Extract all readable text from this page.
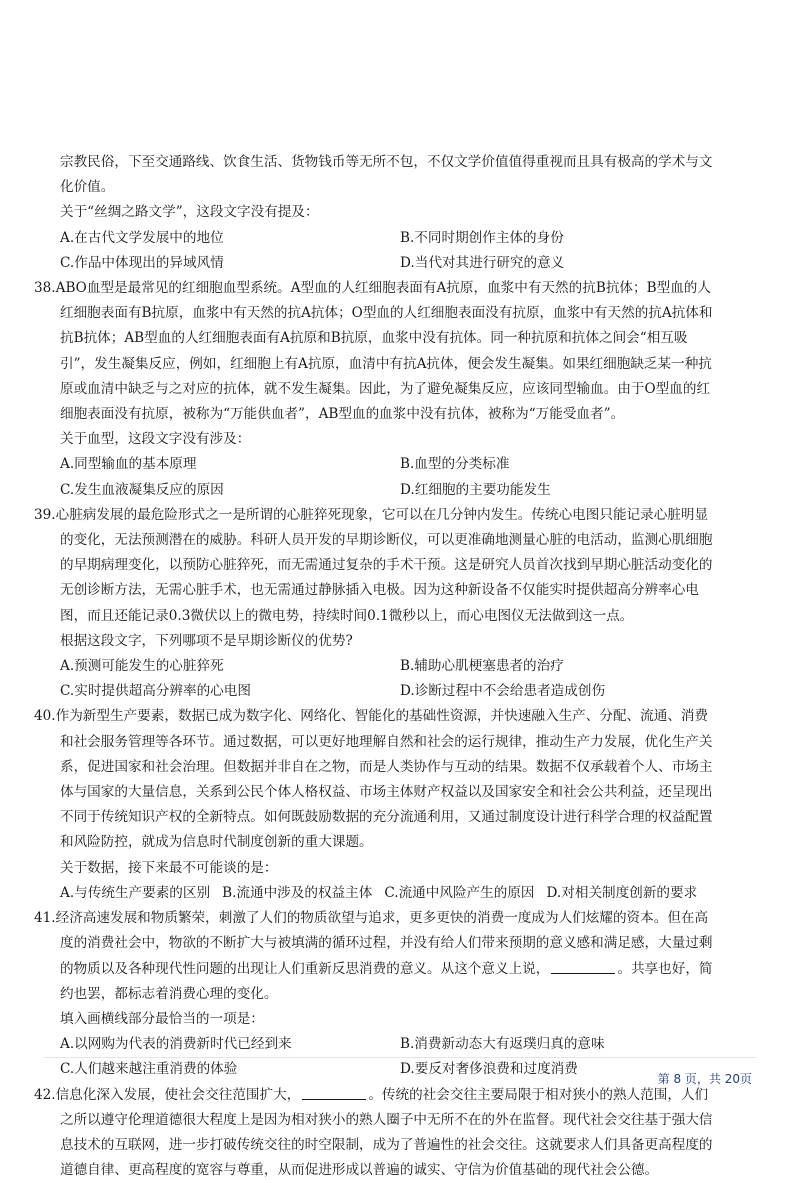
宗教民俗，下至交通路线、饮食生活、货物钱币等无所不包，不仅文学价值值得重视而且具有极高的学术与文

化价值。

关于“丝绸之路文学”，这段文字没有提及：

A.在古代文学发展中的地位	B.不同时期创作主体的身份
C.作品中体现出的异域风情	D.当代对其进行研究的意义

38.ABO血型是最常见的红细胞血型系统。A型血的人红细胞表面有A抗原，血浆中有天然的抗B抗体；B型血的人

红细胞表面有B抗原，血浆中有天然的抗A抗体；O型血的人红细胞表面没有抗原，血浆中有天然的抗A抗体和

抗B抗体；AB型血的人红细胞表面有A抗原和B抗原，血浆中没有抗体。同一种抗原和抗体之间会“相互吸

引”，发生凝集反应，例如，红细胞上有A抗原，血清中有抗A抗体，便会发生凝集。如果红细胞缺乏某一种抗

原或血清中缺乏与之对应的抗体，就不发生凝集。因此，为了避免凝集反应，应该同型输血。由于O型血的红

细胞表面没有抗原，被称为“万能供血者”，AB型血的血浆中没有抗体，被称为“万能受血者”。

关于血型，这段文字没有涉及：

A.同型输血的基本原理	B.血型的分类标准
C.发生血液凝集反应的原因	D.红细胞的主要功能发生

39.心脏病发展的最危险形式之一是所谓的心脏猝死现象，它可以在几分钟内发生。传统心电图只能记录心脏明显

的变化，无法预测潜在的威胁。科研人员开发的早期诊断仪，可以更准确地测量心脏的电活动，监测心肌细胞

的早期病理变化，以预防心脏猝死，而无需通过复杂的手术干预。这是研究人员首次找到早期心脏活动变化的

无创诊断方法，无需心脏手术，也无需通过静脉插入电极。因为这种新设备不仅能实时提供超高分辨率心电

图，而且还能记录0.3微伏以上的微电势，持续时间0.1微秒以上，而心电图仪无法做到这一点。

根据这段文字，下列哪项不是早期诊断仪的优势?

A.预测可能发生的心脏猝死	B.辅助心肌梗塞患者的治疗
C.实时提供超高分辨率的心电图	D.诊断过程中不会给患者造成创伤

40.作为新型生产要素，数据已成为数字化、网络化、智能化的基础性资源，并快速融入生产、分配、流通、消费

和社会服务管理等各环节。通过数据，可以更好地理解自然和社会的运行规律，推动生产力发展，优化生产关

系，促进国家和社会治理。但数据并非自在之物，而是人类协作与互动的结果。数据不仅承载着个人、市场主

体与国家的大量信息，关系到公民个体人格权益、市场主体财产权益以及国家安全和社会公共利益，还呈现出

不同于传统知识产权的全新特点。如何既鼓励数据的充分流通利用，又通过制度设计进行科学合理的权益配置

和风险防控，就成为信息时代制度创新的重大课题。

关于数据，接下来最不可能谈的是：

A.与传统生产要素的区别 B.流通中涉及的权益主体 C.流通中风险产生的原因 D.对相关制度创新的要求

41.经济高速发展和物质繁荣，刺激了人们的物质欲望与追求，更多更快的消费一度成为人们炫耀的资本。但在高

度的消费社会中，物欲的不断扩大与被填满的循环过程，并没有给人们带来预期的意义感和满足感，大量过剩

的物质以及各种现代性问题的出现让人们重新反思消费的意义。从这个意义上说，	。共享也好，简

约也罢，都标志着消费心理的变化。

填入画横线部分最恰当的一项是：

A.以网购为代表的消费新时代已经到来	B.消费新动态大有返璞归真的意味
C.人们越来越注重消费的体验	D.要反对奢侈浪费和过度消费

42.信息化深入发展，使社会交往范围扩大，	。传统的社会交往主要局限于相对狭小的熟人范围，人们

之所以遵守伦理道德很大程度上是因为相对狭小的熟人圈子中无所不在的外在监督。现代社会交往基于强大信

息技术的互联网，进一步打破传统交往的时空限制，成为了普遍性的社会交往。这就要求人们具备更高程度的

道德自律、更高程度的宽容与尊重，从而促进形成以普遍的诚实、守信为价值基础的现代社会公德。

第 8 页，共 20页
